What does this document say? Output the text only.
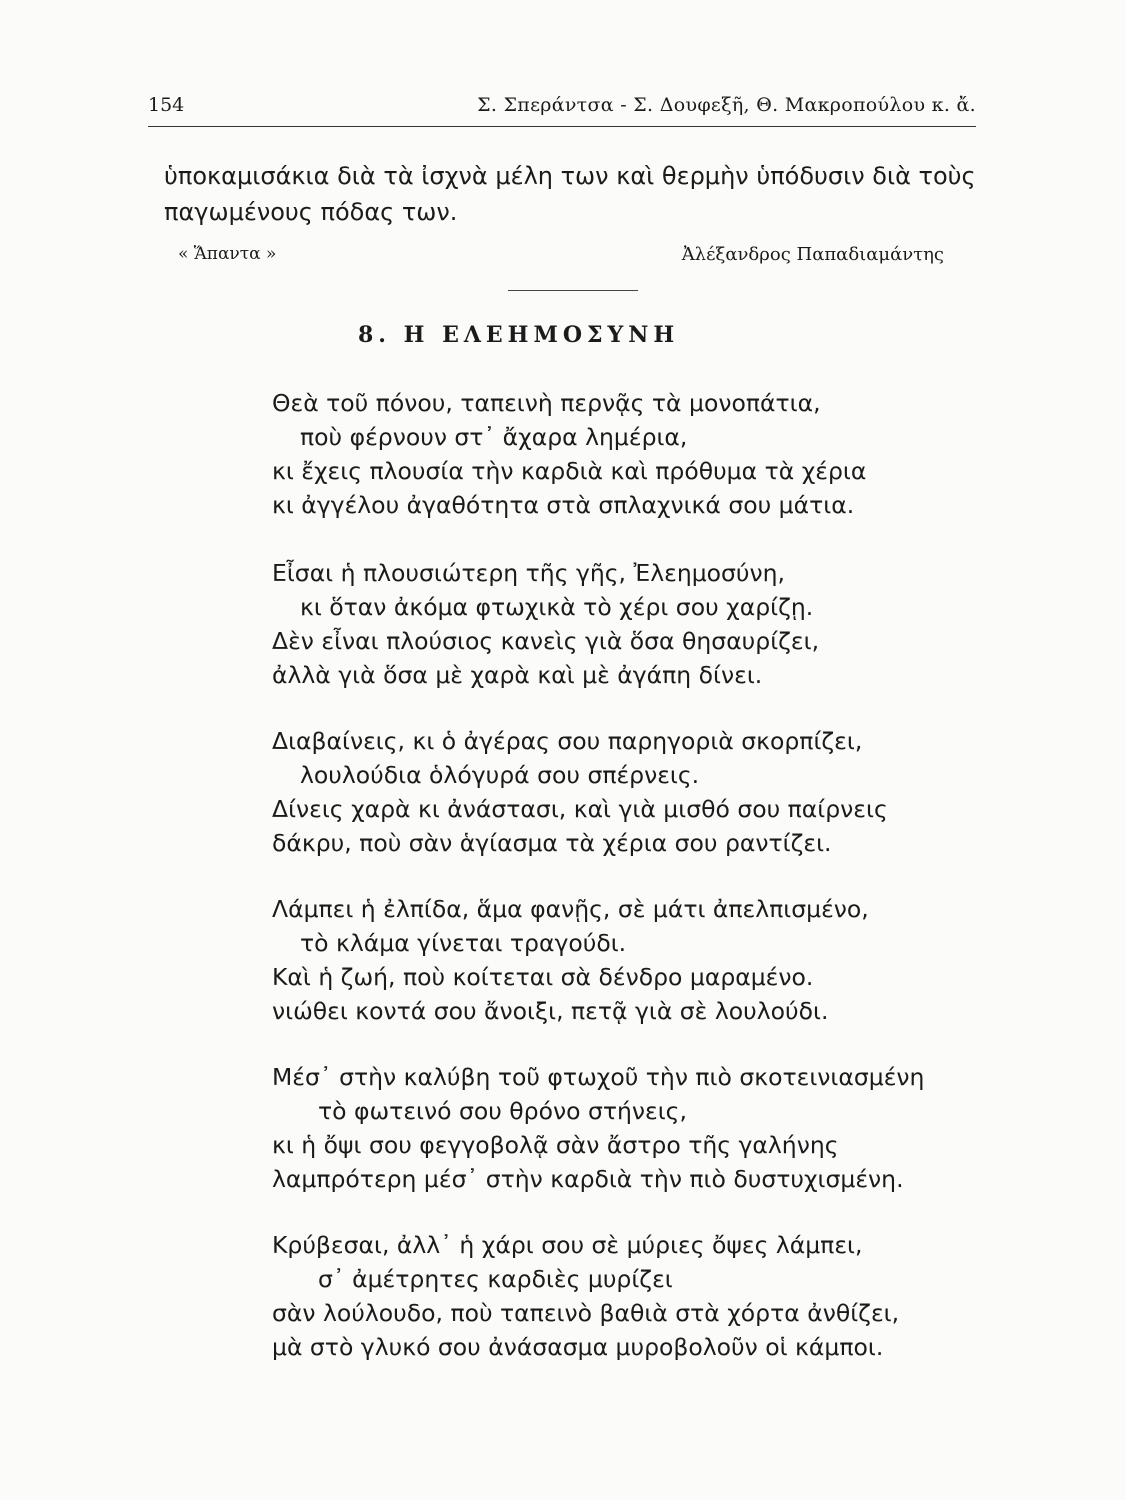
154	Σ. Σπεράντσα - Σ. Δουφεξῆ, Θ. Μακροπούλου κ. ἄ.
ὑποκαμισάκια διὰ τὰ ἰσχνὰ μέλη των καὶ θερμὴν ὑπόδυσιν διὰ τοὺς
παγωμένους πόδας των.
« Ἅπαντα »	Ἀλέξανδρος Παπαδιαμάντης
8. Η ΕΛΕΗΜΟΣΥΝΗ
Θεὰ τοῦ πόνου, ταπεινὴ περνᾷς τὰ μονοπάτια,
ποὺ φέρνουν στ᾽ ἄχαρα λημέρια,
κι ἔχεις πλουσία τὴν καρδιὰ καὶ πρόθυμα τὰ χέρια
κι ἀγγέλου ἀγαθότητα στὰ σπλαχνικά σου μάτια.
Εἶσαι ἡ πλουσιώτερη τῆς γῆς, Ἐλεημοσύνη,
κι ὅταν ἀκόμα φτωχικὰ τὸ χέρι σου χαρίζῃ.
Δὲν εἶναι πλούσιος κανεὶς γιὰ ὅσα θησαυρίζει,
ἀλλὰ γιὰ ὅσα μὲ χαρὰ καὶ μὲ ἀγάπη δίνει.
Διαβαίνεις, κι ὁ ἀγέρας σου παρηγοριὰ σκορπίζει,
λουλούδια ὁλόγυρά σου σπέρνεις.
Δίνεις χαρὰ κι ἀνάστασι, καὶ γιὰ μισθό σου παίρνεις
δάκρυ, ποὺ σὰν ἁγίασμα τὰ χέρια σου ραντίζει.
Λάμπει ἡ ἐλπίδα, ἅμα φανῇς, σὲ μάτι ἀπελπισμένο,
τὸ κλάμα γίνεται τραγούδι.
Καὶ ἡ ζωή, ποὺ κοίτεται σὰ δένδρο μαραμένο.
νιώθει κοντά σου ἄνοιξι, πετᾷ γιὰ σὲ λουλούδι.
Μέσ᾽ στὴν καλύβη τοῦ φτωχοῦ τὴν πιὸ σκοτεινιασμένη
τὸ φωτεινό σου θρόνο στήνεις,
κι ἡ ὄψι σου φεγγοβολᾷ σὰν ἄστρο τῆς γαλήνης
λαμπρότερη μέσ᾽ στὴν καρδιὰ τὴν πιὸ δυστυχισμένη.
Κρύβεσαι, ἀλλ᾽ ἡ χάρι σου σὲ μύριες ὄψες λάμπει,
σ᾽ ἀμέτρητες καρδιὲς μυρίζει
σὰν λούλουδο, ποὺ ταπεινὸ βαθιὰ στὰ χόρτα ἀνθίζει,
μὰ στὸ γλυκό σου ἀνάσασμα μυροβολοῦν οἱ κάμποι.
